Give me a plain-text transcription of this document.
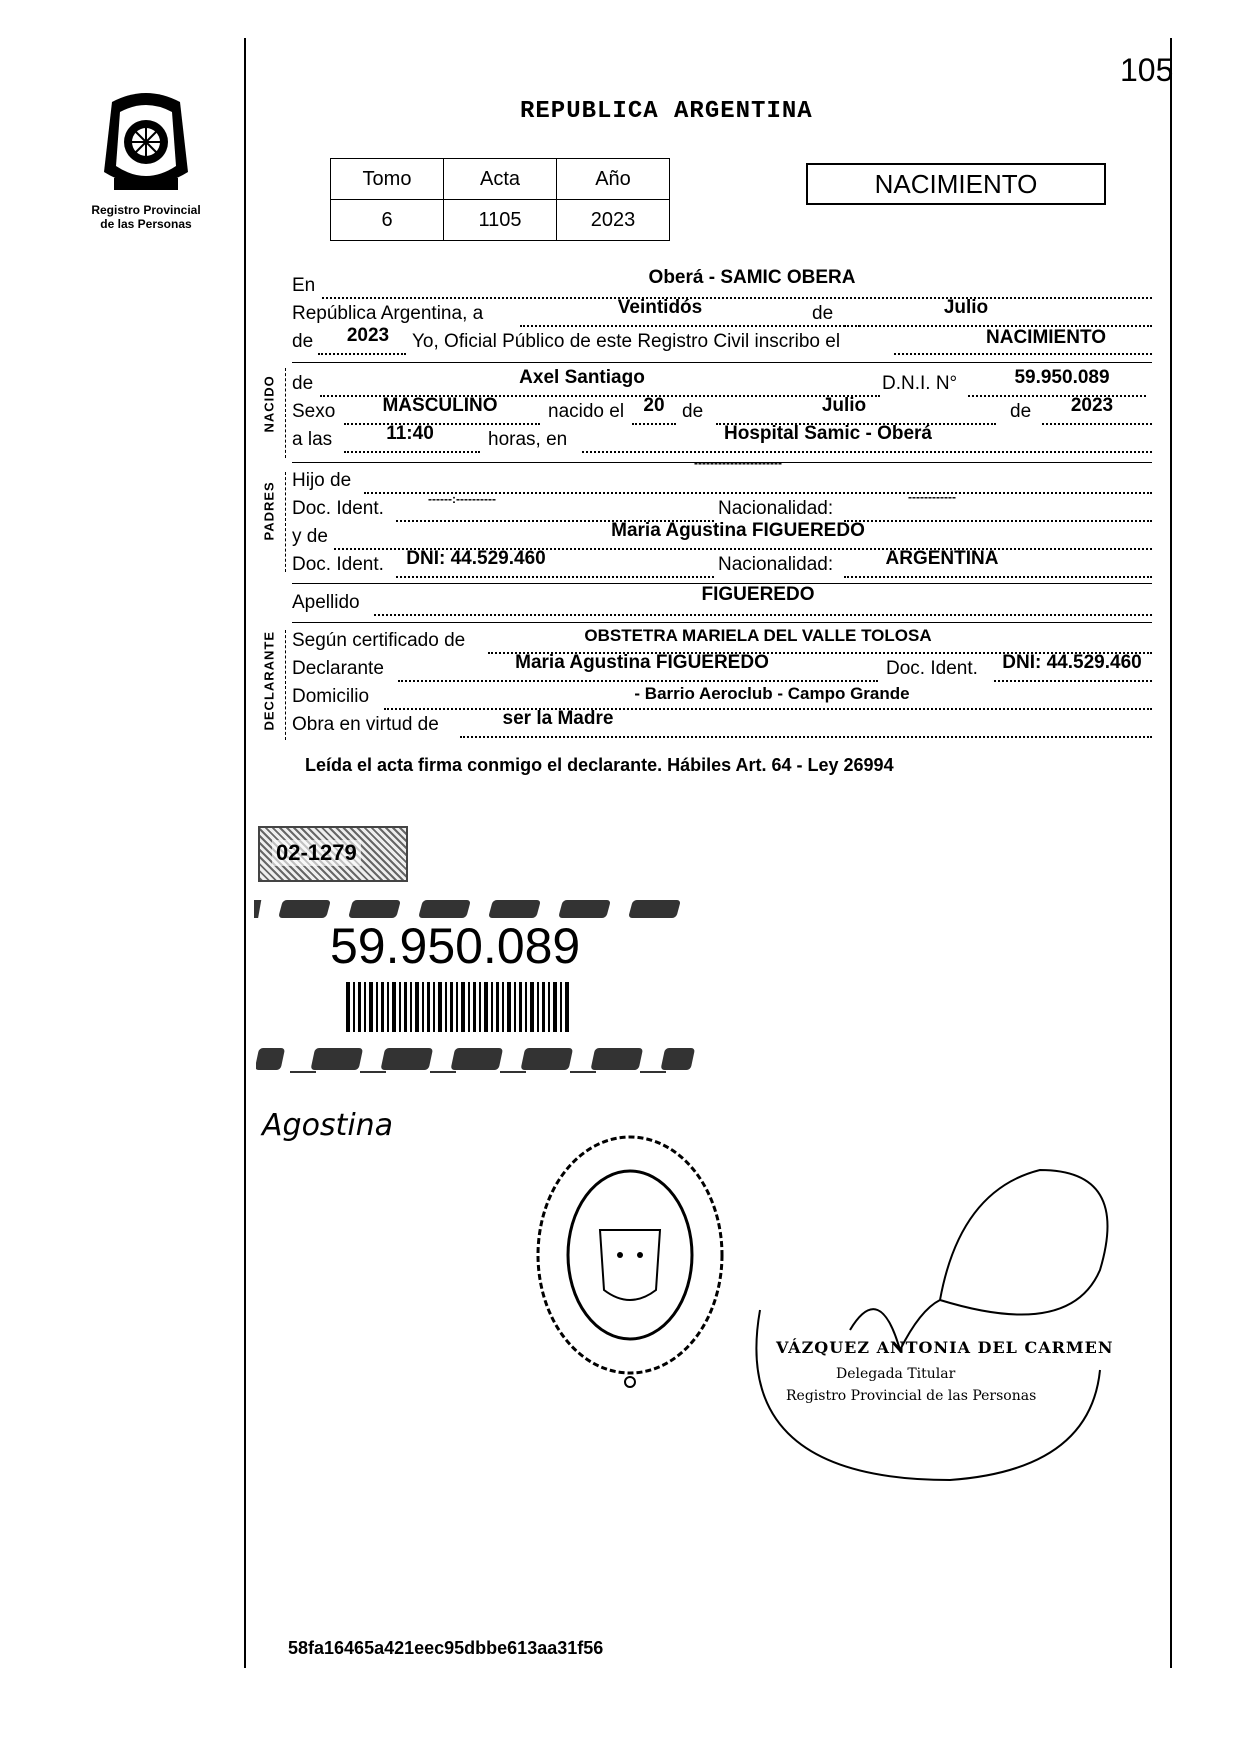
Registro Provincial
de las Personas
105
REPUBLICA ARGENTINA
Tomo	Acta	Año
6	1105	2023
NACIMIENTO
En	Oberá - SAMIC OBERA
República Argentina, a	Veintidós	de	Julio
de 2023 Yo, Oficial Público de este Registro Civil inscribo el	NACIMIENTO
NACIDO de	Axel Santiago	D.N.I. N°	59.950.089
Sexo MASCULINO	nacido el 20 de	Julio	de 2023
a las	11:40	horas, en	Hospital Samic - Oberá
PADRES
Hijo de
----------------------
Doc. Ident.	------:----------	Nacionalidad:
------------
y de	Maria Agustina FIGUEREDO
Doc. Ident. DNI: 44.529.460	Nacionalidad:	ARGENTINA
Apellido	FIGUEREDO
DECLARANTE Según certificado de	OBSTETRA MARIELA DEL VALLE TOLOSA
Declarante	Maria Agustina FIGUEREDO	Doc. Ident. DNI: 44.529.460
Domicilio	- Barrio Aeroclub - Campo Grande
Obra en virtud de	ser la Madre
Leída el acta firma conmigo el declarante. Hábiles Art. 64 - Ley 26994
02-1279
59.950.089
Agostina
VÁZQUEZ ANTONIA DEL CARMEN
Delegada Titular
Registro Provincial de las Personas
58fa16465a421eec95dbbe613aa31f56
